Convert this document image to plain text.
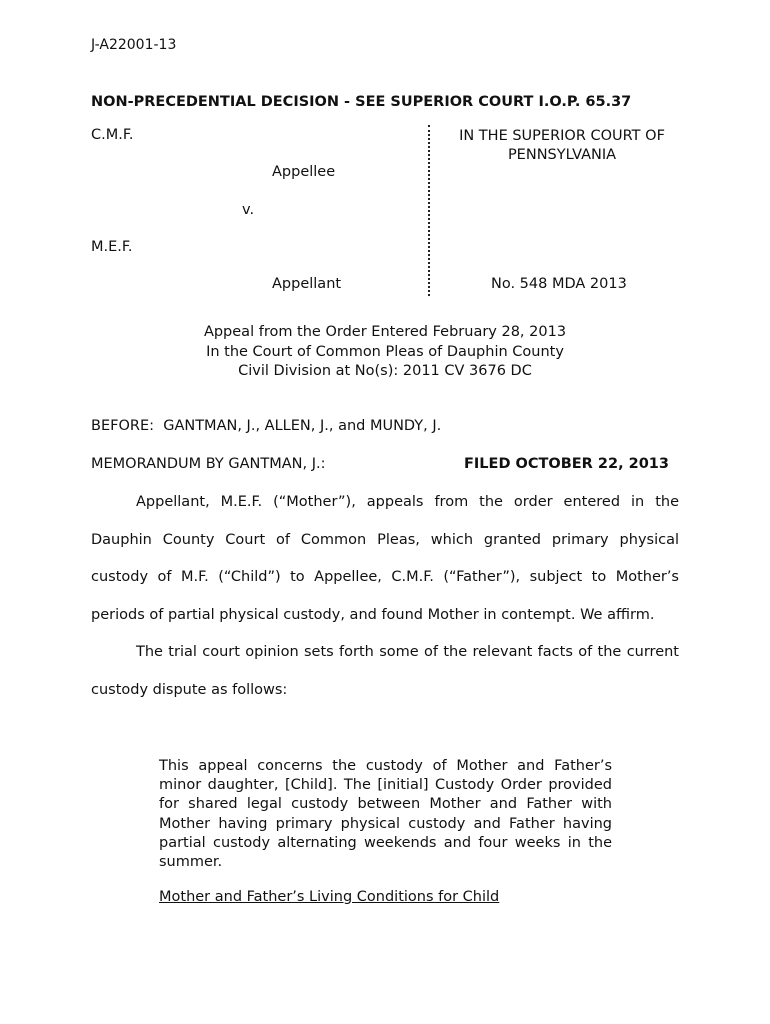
J-A22001-13
NON-PRECEDENTIAL DECISION - SEE SUPERIOR COURT I.O.P. 65.37
C.M.F.
Appellee
v.
M.E.F.
Appellant
IN THE SUPERIOR COURT OF
PENNSYLVANIA
No. 548 MDA 2013
Appeal from the Order Entered February 28, 2013
In the Court of Common Pleas of Dauphin County
Civil Division at No(s): 2011 CV 3676 DC
BEFORE:  GANTMAN, J., ALLEN, J., and MUNDY, J.
MEMORANDUM BY GANTMAN, J.:	FILED OCTOBER 22, 2013

Appellant, M.E.F. (“Mother”), appeals from the order entered in the Dauphin County Court of Common Pleas, which granted primary physical custody of M.F. (“Child”) to Appellee, C.M.F. (“Father”), subject to Mother’s periods of partial physical custody, and found Mother in contempt. We affirm.

The trial court opinion sets forth some of the relevant facts of the current custody dispute as follows:

This appeal concerns the custody of Mother and Father’s minor daughter, [Child]. The [initial] Custody Order provided for shared legal custody between Mother and Father with Mother having primary physical custody and Father having partial custody alternating weekends and four weeks in the summer.
Mother and Father’s Living Conditions for Child
